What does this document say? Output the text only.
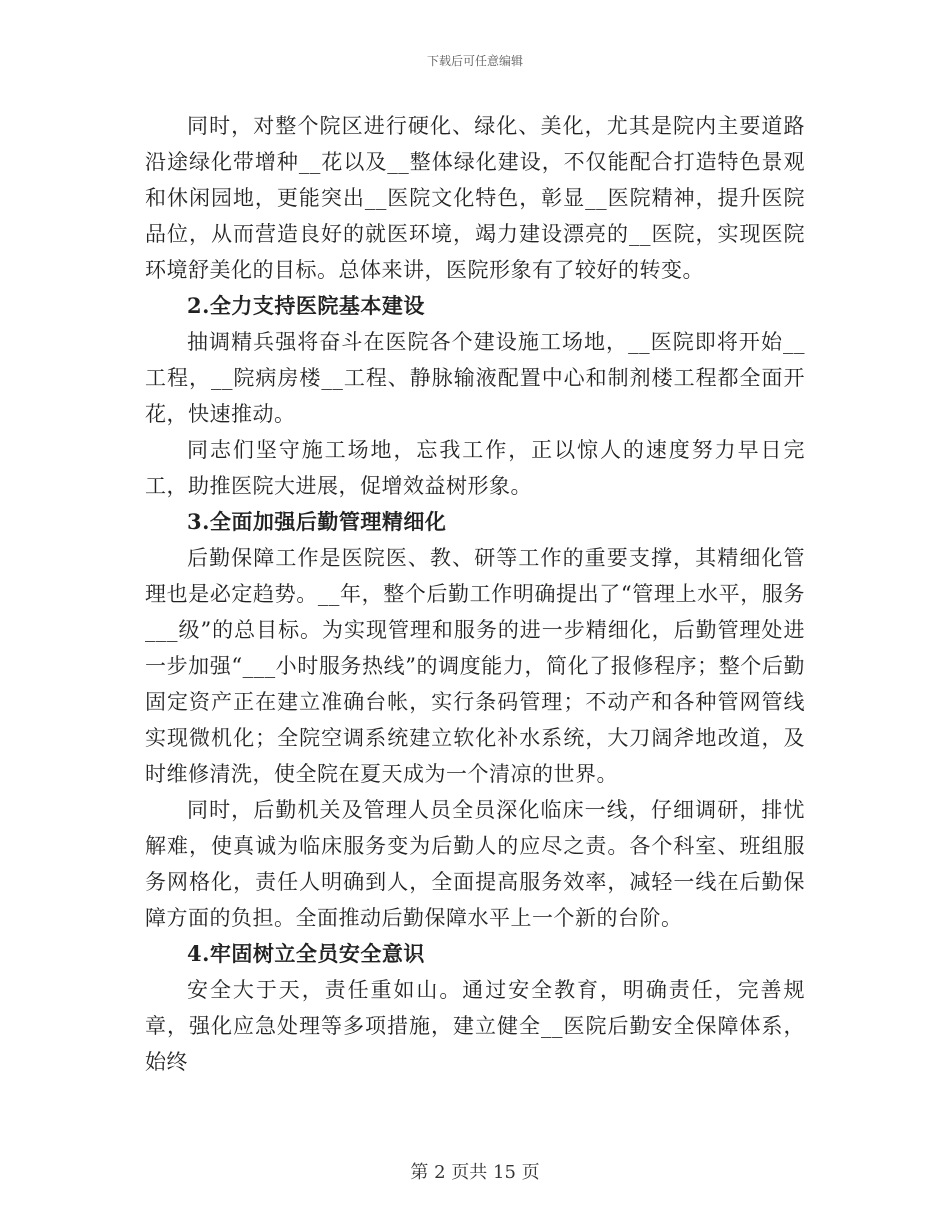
下载后可任意编辑

同时，对整个院区进行硬化、绿化、美化，尤其是院内主要道路沿途绿化带增种__花以及__整体绿化建设，不仅能配合打造特色景观和休闲园地，更能突出__医院文化特色，彰显__医院精神，提升医院品位，从而营造良好的就医环境，竭力建设漂亮的__医院，实现医院环境舒美化的目标。总体来讲，医院形象有了较好的转变。

2.全力支持医院基本建设

抽调精兵强将奋斗在医院各个建设施工场地，__医院即将开始__工程，__院病房楼__工程、静脉输液配置中心和制剂楼工程都全面开花，快速推动。

同志们坚守施工场地，忘我工作，正以惊人的速度努力早日完工，助推医院大进展，促增效益树形象。

3.全面加强后勤管理精细化

后勤保障工作是医院医、教、研等工作的重要支撑，其精细化管理也是必定趋势。__年，整个后勤工作明确提出了“管理上水平，服务___级”的总目标。为实现管理和服务的进一步精细化，后勤管理处进一步加强“___小时服务热线”的调度能力，简化了报修程序；整个后勤固定资产正在建立准确台帐，实行条码管理；不动产和各种管网管线实现微机化；全院空调系统建立软化补水系统，大刀阔斧地改道，及时维修清洗，使全院在夏天成为一个清凉的世界。

同时，后勤机关及管理人员全员深化临床一线，仔细调研，排忧解难，使真诚为临床服务变为后勤人的应尽之责。各个科室、班组服务网格化，责任人明确到人，全面提高服务效率，减轻一线在后勤保障方面的负担。全面推动后勤保障水平上一个新的台阶。

4.牢固树立全员安全意识

安全大于天，责任重如山。通过安全教育，明确责任，完善规章，强化应急处理等多项措施，建立健全__医院后勤安全保障体系，始终

第 2 页共 15 页
